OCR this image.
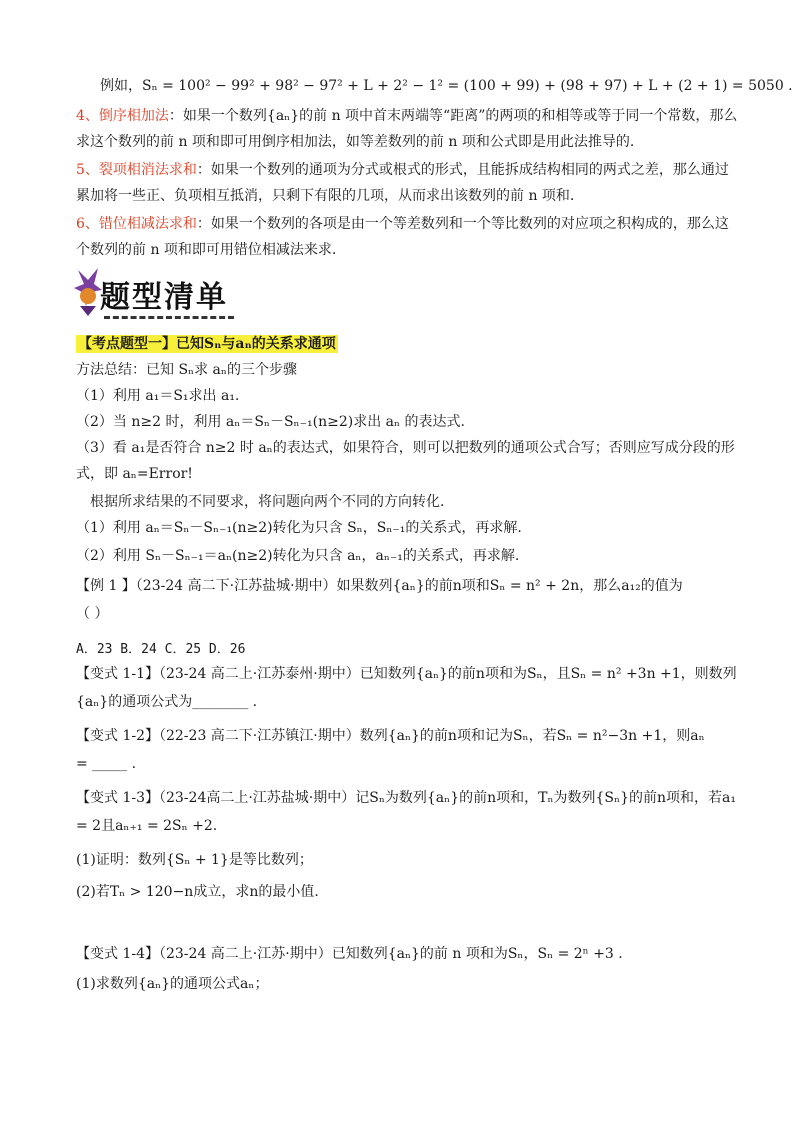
例如，Sₙ = 100² − 99² + 98² − 97² + L + 2² − 1² = (100 + 99) + (98 + 97) + L + (2 + 1) = 5050 .
4、倒序相加法：如果一个数列{aₙ}的前 n 项中首末两端等“距离”的两项的和相等或等于同一个常数，那么
求这个数列的前 n 项和即可用倒序相加法，如等差数列的前 n 项和公式即是用此法推导的.
5、裂项相消法求和：如果一个数列的通项为分式或根式的形式，且能拆成结构相同的两式之差，那么通过
累加将一些正、负项相互抵消，只剩下有限的几项，从而求出该数列的前 n 项和.
6、错位相减法求和：如果一个数列的各项是由一个等差数列和一个等比数列的对应项之积构成的，那么这
个数列的前 n 项和即可用错位相减法来求.
题型清单
【考点题型一】已知Sₙ与aₙ的关系求通项
方法总结：已知 Sₙ求 aₙ的三个步骤
（1）利用 a₁＝S₁求出 a₁.
（2）当 n≥2 时，利用 aₙ＝Sₙ－Sₙ₋₁(n≥2)求出 aₙ 的表达式.
（3）看 a₁是否符合 n≥2 时 aₙ的表达式，如果符合，则可以把数列的通项公式合写；否则应写成分段的形
式，即 aₙ=Error!
根据所求结果的不同要求，将问题向两个不同的方向转化.
（1）利用 aₙ＝Sₙ－Sₙ₋₁(n≥2)转化为只含 Sₙ，Sₙ₋₁的关系式，再求解.
（2）利用 Sₙ－Sₙ₋₁＝aₙ(n≥2)转化为只含 aₙ，aₙ₋₁的关系式，再求解.
【例 1 】（23-24 高二下·江苏盐城·期中）如果数列{aₙ}的前n项和Sₙ = n² + 2n，那么a₁₂的值为
（ ）
A．23 B．24 C．25 D．26
【变式 1-1】（23-24 高二上·江苏泰州·期中）已知数列{aₙ}的前n项和为Sₙ，且Sₙ = n² +3n +1，则数列
{aₙ}的通项公式为________ .
【变式 1-2】（22-23 高二下·江苏镇江·期中）数列{aₙ}的前n项和记为Sₙ，若Sₙ = n²−3n +1，则aₙ
= _____ .
【变式 1-3】（23-24高二上·江苏盐城·期中）记Sₙ为数列{aₙ}的前n项和，Tₙ为数列{Sₙ}的前n项和，若a₁
= 2且aₙ₊₁ = 2Sₙ +2.
(1)证明：数列{Sₙ + 1}是等比数列；
(2)若Tₙ > 120−n成立，求n的最小值.
【变式 1-4】（23-24 高二上·江苏·期中）已知数列{aₙ}的前 n 项和为Sₙ，Sₙ = 2ⁿ +3 .
(1)求数列{aₙ}的通项公式aₙ；
